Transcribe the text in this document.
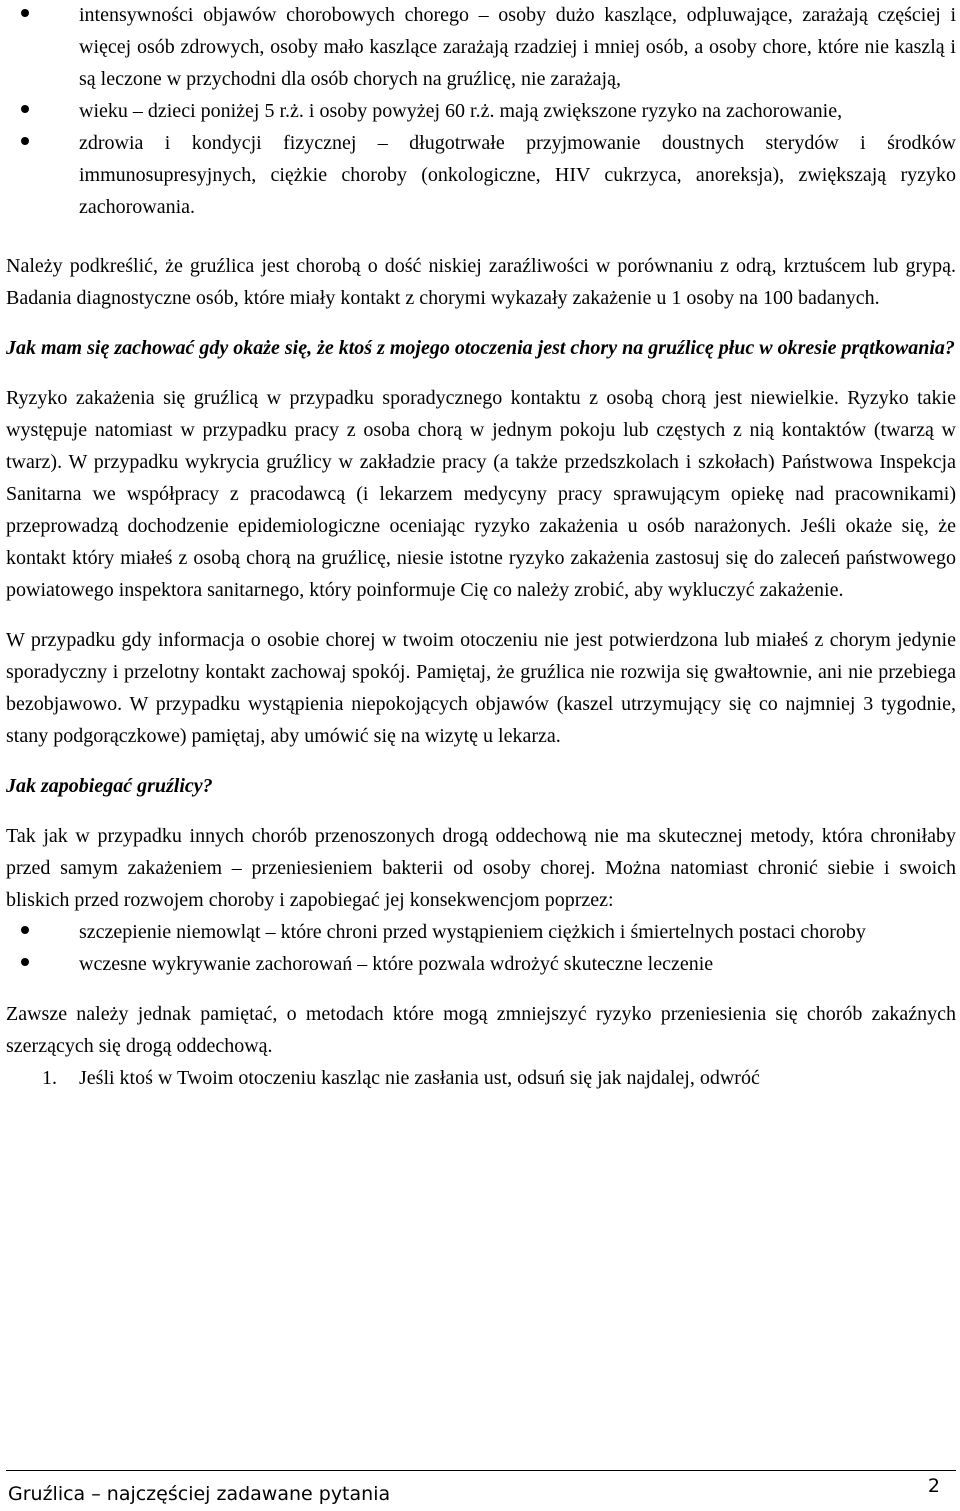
intensywności objawów chorobowych chorego – osoby dużo kaszlące, odpluwające, zarażają częściej i więcej osób zdrowych, osoby mało kaszlące zarażają rzadziej i mniej osób, a osoby chore, które nie kaszlą i są leczone w przychodni dla osób chorych na gruźlicę, nie zarażają,
wieku – dzieci poniżej 5 r.ż. i osoby powyżej 60 r.ż. mają zwiększone ryzyko na zachorowanie,
zdrowia i kondycji fizycznej – długotrwałe przyjmowanie doustnych sterydów i środków immunosupresyjnych, ciężkie choroby (onkologiczne, HIV cukrzyca, anoreksja), zwiększają ryzyko zachorowania.

Należy podkreślić, że gruźlica jest chorobą o dość niskiej zaraźliwości w porównaniu z odrą, krztuścem lub grypą. Badania diagnostyczne osób, które miały kontakt z chorymi wykazały zakażenie u 1 osoby na 100 badanych.

Jak mam się zachować gdy okaże się, że ktoś z mojego otoczenia jest chory na gruźlicę płuc w okresie prątkowania?

Ryzyko zakażenia się gruźlicą w przypadku sporadycznego kontaktu z osobą chorą jest niewielkie. Ryzyko takie występuje natomiast w przypadku pracy z osoba chorą w jednym pokoju lub częstych z nią kontaktów (twarzą w twarz). W przypadku wykrycia gruźlicy w zakładzie pracy (a także przedszkolach i szkołach) Państwowa Inspekcja Sanitarna we współpracy z pracodawcą (i lekarzem medycyny pracy sprawującym opiekę nad pracownikami) przeprowadzą dochodzenie epidemiologiczne oceniając ryzyko zakażenia u osób narażonych. Jeśli okaże się, że kontakt który miałeś z osobą chorą na gruźlicę, niesie istotne ryzyko zakażenia zastosuj się do zaleceń państwowego powiatowego inspektora sanitarnego, który poinformuje Cię co należy zrobić, aby wykluczyć zakażenie.

W przypadku gdy informacja o osobie chorej w twoim otoczeniu nie jest potwierdzona lub miałeś z chorym jedynie sporadyczny i przelotny kontakt zachowaj spokój. Pamiętaj, że gruźlica nie rozwija się gwałtownie, ani nie przebiega bezobjawowo. W przypadku wystąpienia niepokojących objawów (kaszel utrzymujący się co najmniej 3 tygodnie, stany podgorączkowe) pamiętaj, aby umówić się na wizytę u lekarza.

Jak zapobiegać gruźlicy?

Tak jak w przypadku innych chorób przenoszonych drogą oddechową nie ma skutecznej metody, która chroniłaby przed samym zakażeniem – przeniesieniem bakterii od osoby chorej. Można natomiast chronić siebie i swoich bliskich przed rozwojem choroby i zapobiegać jej konsekwencjom poprzez:

szczepienie niemowląt – które chroni przed wystąpieniem ciężkich i śmiertelnych postaci choroby
wczesne wykrywanie zachorowań – które pozwala wdrożyć skuteczne leczenie

Zawsze należy jednak pamiętać, o metodach które mogą zmniejszyć ryzyko przeniesienia się chorób zakaźnych szerzących się drogą oddechową.

1. Jeśli ktoś w Twoim otoczeniu kaszląc nie zasłania ust, odsuń się jak najdalej, odwróć
Gruźlica – najczęściej zadawane pytania	2
